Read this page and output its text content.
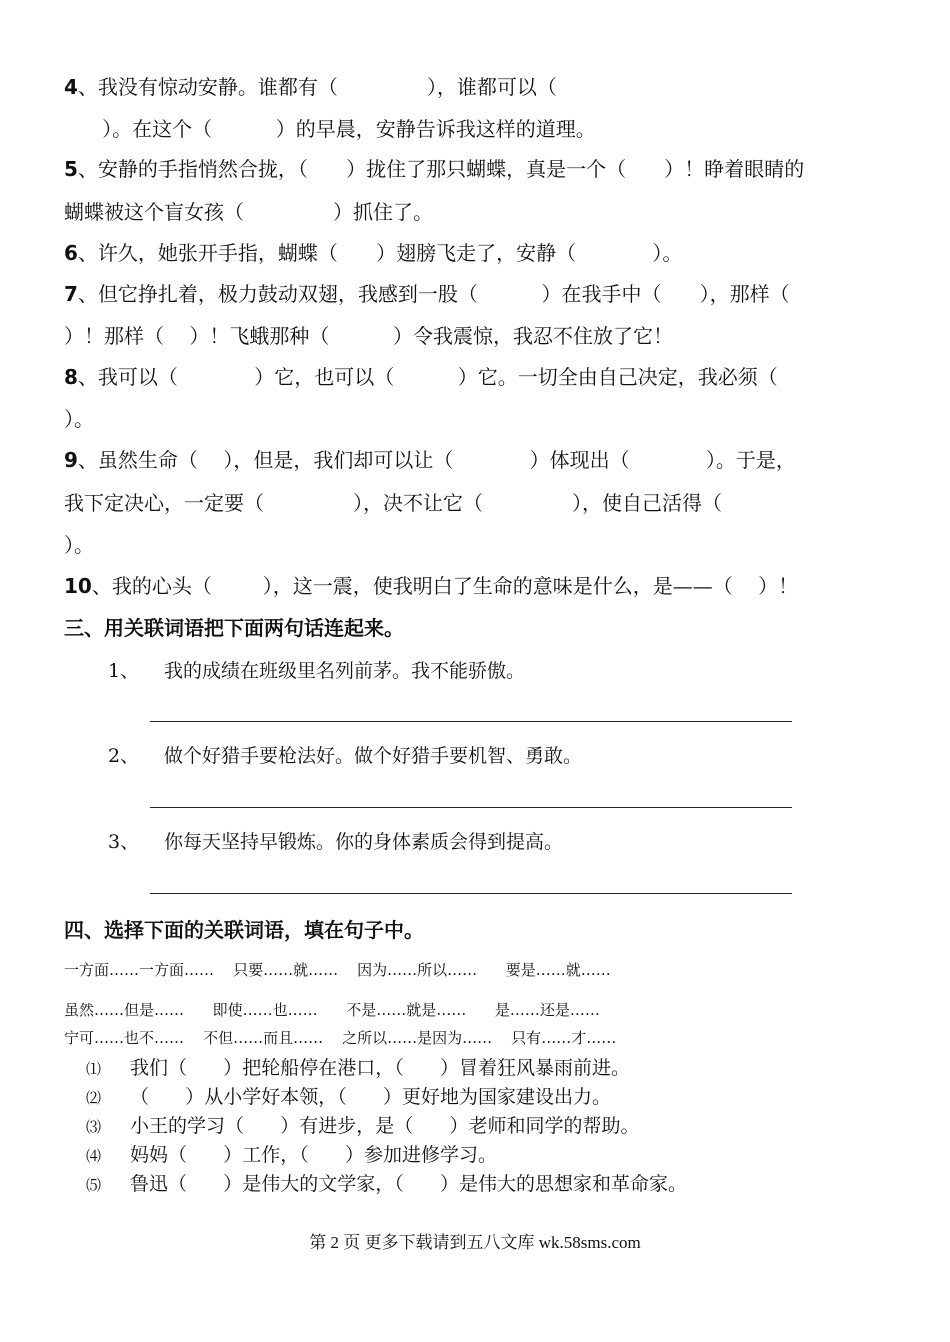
4、我没有惊动安静。谁都有（              ），谁都可以（
）。在这个（          ）的早晨，安静告诉我这样的道理。
5、安静的手指悄然合拢，（      ）拢住了那只蝴蝶，真是一个（      ）！睁着眼睛的
蝴蝶被这个盲女孩（              ）抓住了。
6、许久，她张开手指，蝴蝶（      ）翅膀飞走了，安静（            ）。
7、但它挣扎着，极力鼓动双翅，我感到一股（          ）在我手中（      ），那样（
）！那样（    ）！飞蛾那种（          ）令我震惊，我忍不住放了它！
8、我可以（            ）它，也可以（          ）它。一切全由自己决定，我必须（
）。
9、虽然生命（    ），但是，我们却可以让（            ）体现出（            ）。于是，
我下定决心，一定要（              ），决不让它（              ），使自己活得（
）。
10、我的心头（        ），这一震，使我明白了生命的意味是什么，是——（    ）！
三、用关联词语把下面两句话连起来。
1、 我的成绩在班级里名列前茅。我不能骄傲。
2、 做个好猎手要枪法好。做个好猎手要机智、勇敢。
3、 你每天坚持早锻炼。你的身体素质会得到提高。
四、选择下面的关联词语，填在句子中。
一方面……一方面……    只要……就……    因为……所以……      要是……就……
虽然……但是……      即使……也……      不是……就是……      是……还是……
宁可……也不……    不但……而且……    之所以……是因为……    只有……才……
⑴ 我们（      ）把轮船停在港口，（      ）冒着狂风暴雨前进。
⑵ （      ）从小学好本领，（      ）更好地为国家建设出力。
⑶ 小王的学习（      ）有进步，是（      ）老师和同学的帮助。
⑷ 妈妈（      ）工作，（      ）参加进修学习。
⑸ 鲁迅（      ）是伟大的文学家，（      ）是伟大的思想家和革命家。
第 2 页 更多下载请到五八文库 wk.58sms.com
